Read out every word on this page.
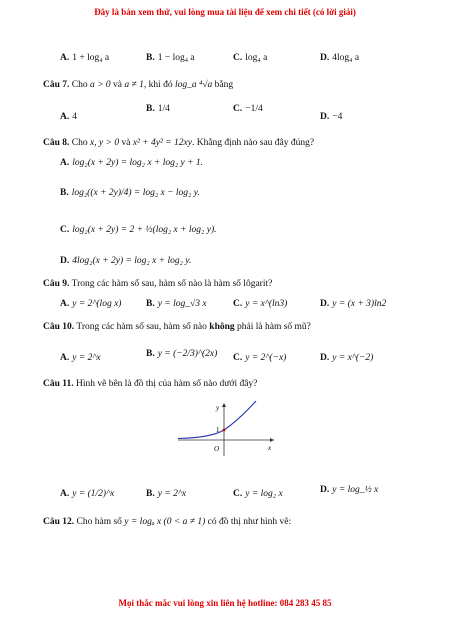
Đây là bản xem thử, vui lòng mua tài liệu để xem chi tiết (có lời giải)
A. 1 + log₄ a	B. 1 − log₄ a	C. log₄ a	D. 4log₄ a
Câu 7. Cho a > 0 và a ≠ 1, khi đó log_a ⁴√a bằng
A. 4
B. 1/4	C. −1/4
D. −4
Câu 8. Cho x, y > 0 và x² + 4y² = 12xy. Khẳng định nào sau đây đúng?
A. log₂(x + 2y) = log₂ x + log₂ y + 1.
B. log₂((x + 2y)/4) = log₂ x − log₂ y.
C. log₂(x + 2y) = 2 + ½(log₂ x + log₂ y).
D. 4log₂(x + 2y) = log₂ x + log₂ y.
Câu 9. Trong các hàm số sau, hàm số nào là hàm số lôgarit?
A. y = 2^(log x)	B. y = log_√3 x	C. y = x^(ln3)	D. y = (x + 3)ln2
Câu 10. Trong các hàm số sau, hàm số nào không phải là hàm số mũ?
A. y = 2^x	B. y = (−2/3)^(2x) C. y = 2^(−x)	D. y = x^(−2)
Câu 11. Hình vẽ bên là đồ thị của hàm số nào dưới đây?
y
x
O
1
A. y = (1/2)^x	B. y = 2^x	C. y = log₂ x	D. y = log_½ x
Câu 12. Cho hàm số y = logₐ x (0 < a ≠ 1) có đồ thị như hình vẽ:
Mọi thắc mắc vui lòng xin liên hệ hotline: 084 283 45 85
